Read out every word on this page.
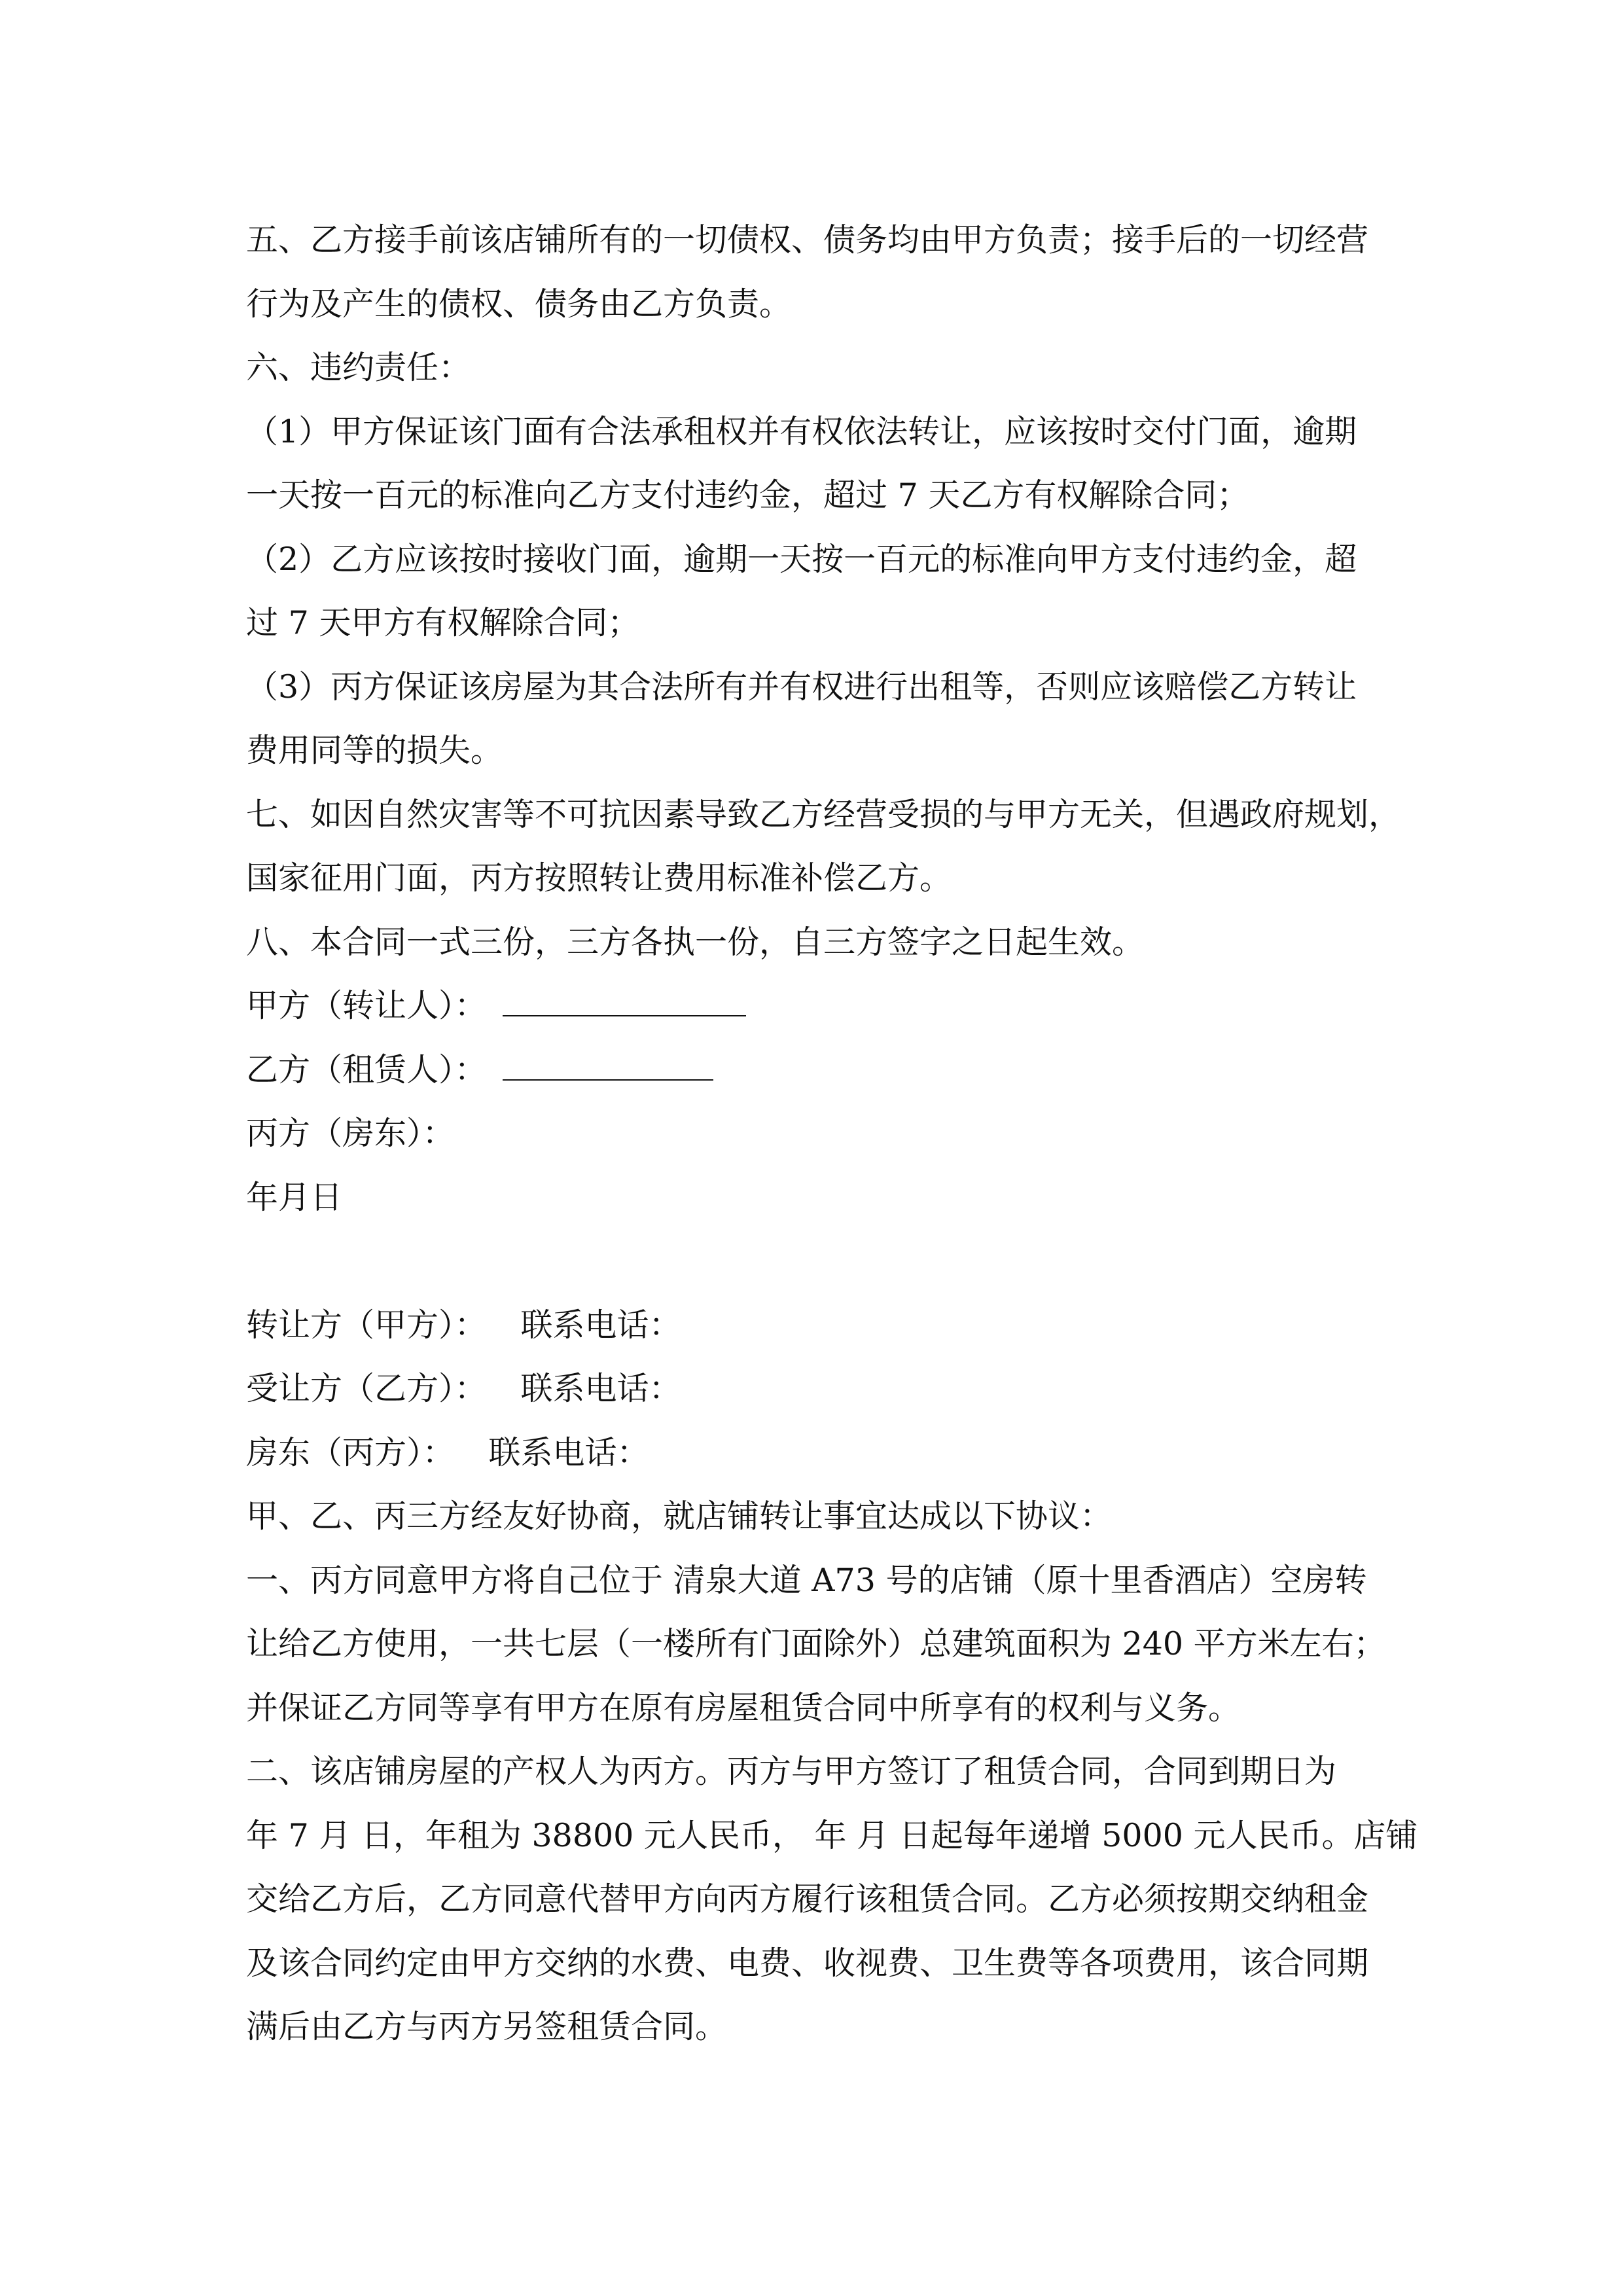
五、乙方接手前该店铺所有的一切债权、债务均由甲方负责；接手后的一切经营
行为及产生的债权、债务由乙方负责。
六、违约责任：
（1）甲方保证该门面有合法承租权并有权依法转让，应该按时交付门面，逾期
一天按一百元的标准向乙方支付违约金，超过 7 天乙方有权解除合同；
（2）乙方应该按时接收门面，逾期一天按一百元的标准向甲方支付违约金，超
过 7 天甲方有权解除合同；
（3）丙方保证该房屋为其合法所有并有权进行出租等，否则应该赔偿乙方转让
费用同等的损失。
七、如因自然灾害等不可抗因素导致乙方经营受损的与甲方无关，但遇政府规划，
国家征用门面，丙方按照转让费用标准补偿乙方。
八、本合同一式三份，三方各执一份，自三方签字之日起生效。
甲方（转让人）：
乙方（租赁人）：
丙方（房东）：
年月日
转让方（甲方）： 联系电话：
受让方（乙方）： 联系电话：
房东（丙方）： 联系电话：
甲、乙、丙三方经友好协商，就店铺转让事宜达成以下协议：
一、丙方同意甲方将自己位于 清泉大道 A73 号的店铺（原十里香酒店）空房转
让给乙方使用，一共七层（一楼所有门面除外）总建筑面积为 240 平方米左右；
并保证乙方同等享有甲方在原有房屋租赁合同中所享有的权利与义务。
二、该店铺房屋的产权人为丙方。丙方与甲方签订了租赁合同，合同到期日为
年 7 月 日，年租为 38800 元人民币， 年 月 日起每年递增 5000 元人民币。店铺
交给乙方后，乙方同意代替甲方向丙方履行该租赁合同。乙方必须按期交纳租金
及该合同约定由甲方交纳的水费、电费、收视费、卫生费等各项费用，该合同期
满后由乙方与丙方另签租赁合同。
